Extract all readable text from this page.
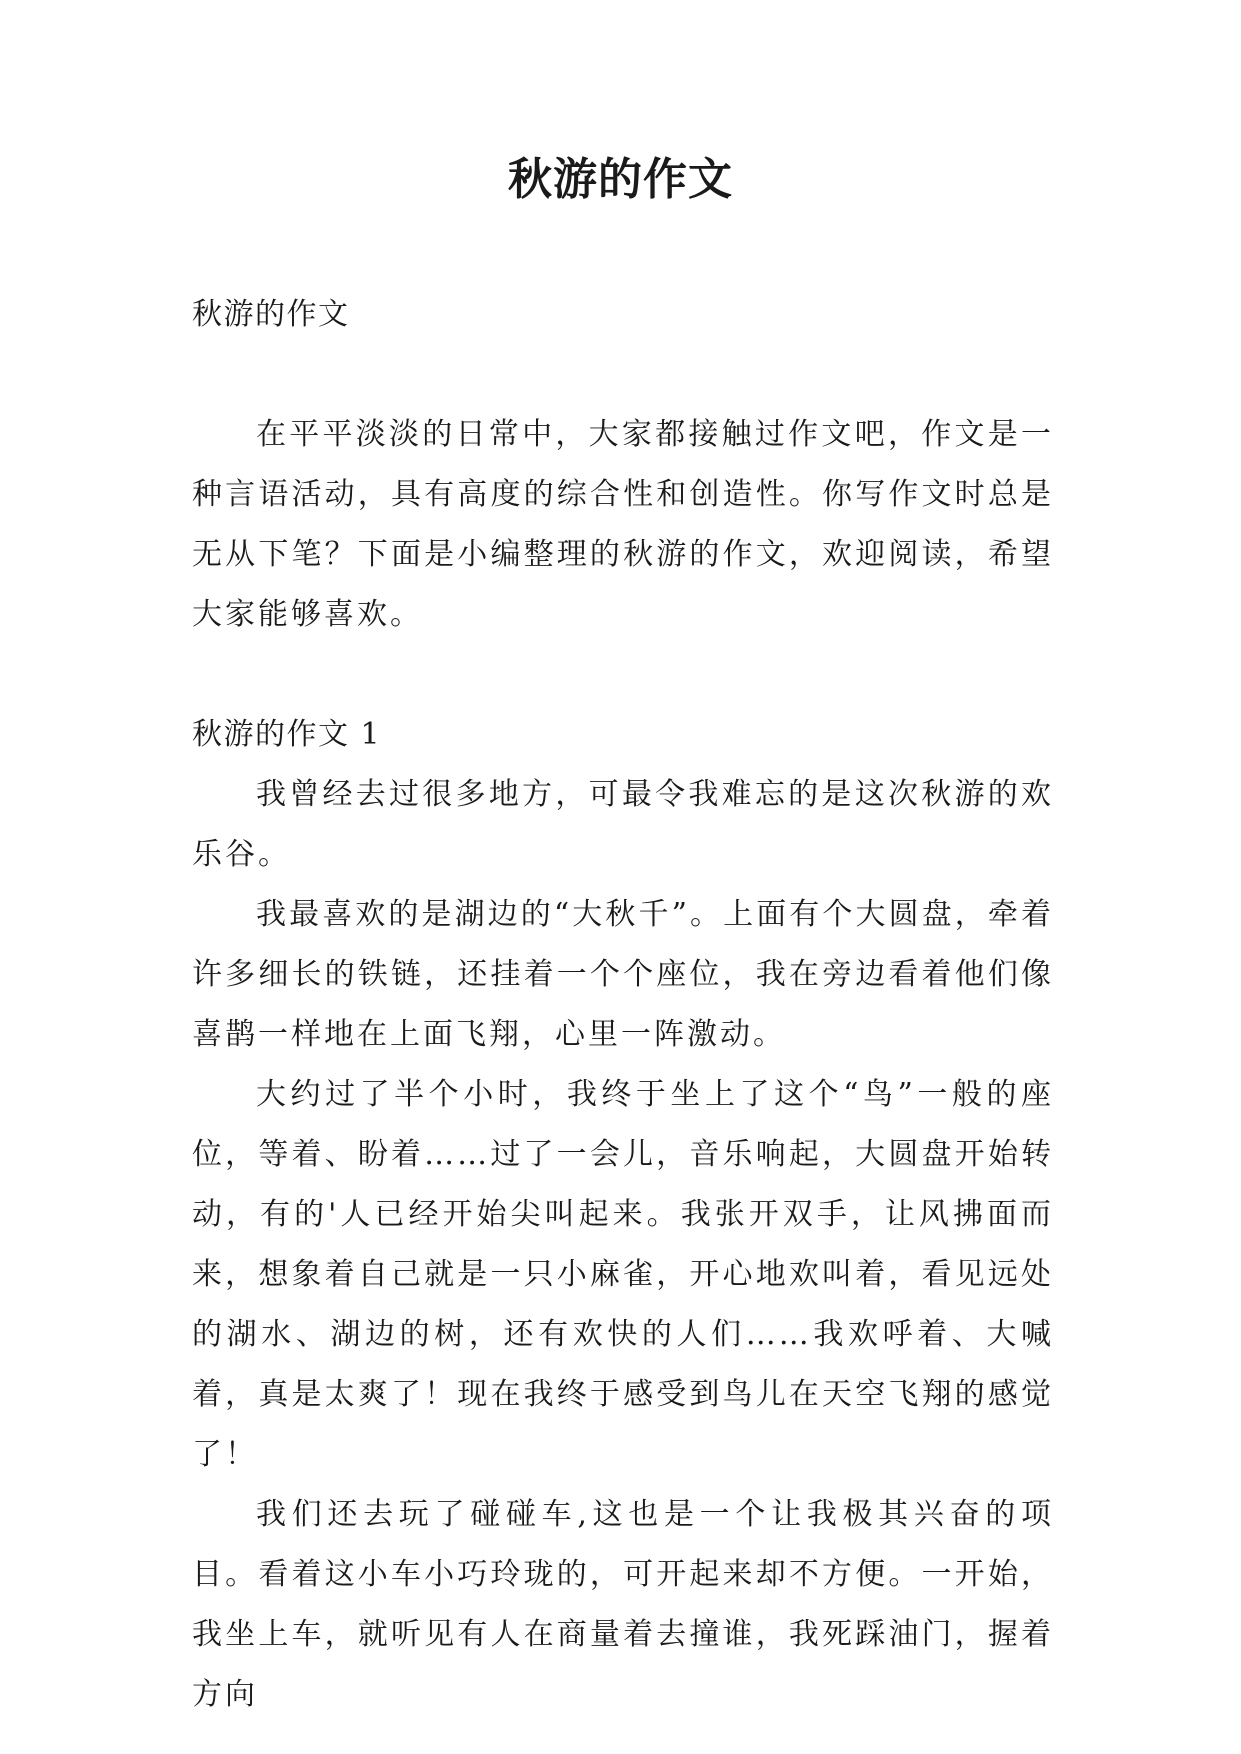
秋游的作文

秋游的作文

在平平淡淡的日常中，大家都接触过作文吧，作文是一种言语活动，具有高度的综合性和创造性。你写作文时总是无从下笔？下面是小编整理的秋游的作文，欢迎阅读，希望大家能够喜欢。

秋游的作文 1

我曾经去过很多地方，可最令我难忘的是这次秋游的欢乐谷。

我最喜欢的是湖边的“大秋千”。上面有个大圆盘，牵着许多细长的铁链，还挂着一个个座位，我在旁边看着他们像喜鹊一样地在上面飞翔，心里一阵激动。

大约过了半个小时，我终于坐上了这个“鸟”一般的座位，等着、盼着……过了一会儿，音乐响起，大圆盘开始转动，有的'人已经开始尖叫起来。我张开双手，让风拂面而来，想象着自己就是一只小麻雀，开心地欢叫着，看见远处的湖水、湖边的树，还有欢快的人们……我欢呼着、大喊着，真是太爽了！现在我终于感受到鸟儿在天空飞翔的感觉了！

我们还去玩了碰碰车,这也是一个让我极其兴奋的项目。看着这小车小巧玲珑的，可开起来却不方便。一开始，我坐上车，就听见有人在商量着去撞谁，我死踩油门，握着方向
